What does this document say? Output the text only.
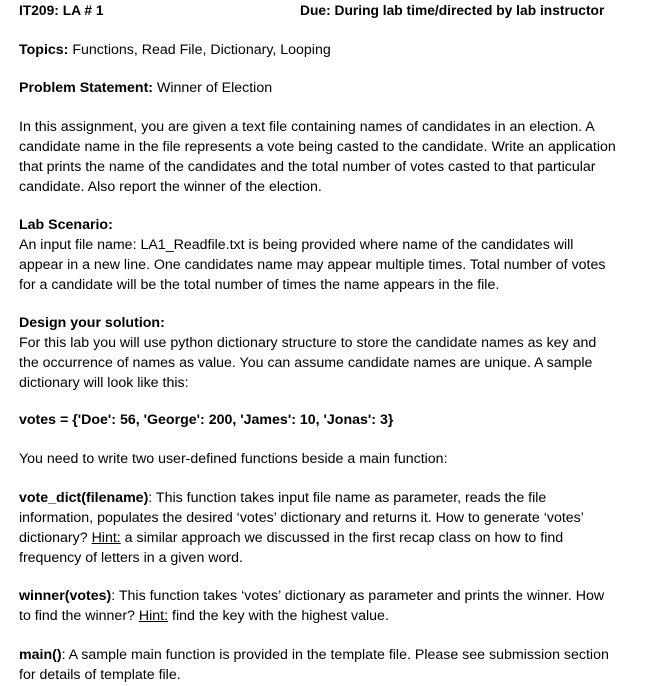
IT209: LA # 1	Due: During lab time/directed by lab instructor

Topics: Functions, Read File, Dictionary, Looping

Problem Statement: Winner of Election

In this assignment, you are given a text file containing names of candidates in an election. A

candidate name in the file represents a vote being casted to the candidate. Write an application

that prints the name of the candidates and the total number of votes casted to that particular

candidate. Also report the winner of the election.

Lab Scenario:

An input file name: LA1_Readfile.txt is being provided where name of the candidates will

appear in a new line. One candidates name may appear multiple times. Total number of votes

for a candidate will be the total number of times the name appears in the file.

Design your solution:

For this lab you will use python dictionary structure to store the candidate names as key and

the occurrence of names as value. You can assume candidate names are unique. A sample

dictionary will look like this:

votes = {'Doe': 56, 'George': 200, 'James': 10, 'Jonas': 3}

You need to write two user-defined functions beside a main function:

vote_dict(filename): This function takes input file name as parameter, reads the file

information, populates the desired ‘votes’ dictionary and returns it. How to generate ‘votes’

dictionary? Hint: a similar approach we discussed in the first recap class on how to find

frequency of letters in a given word.

winner(votes): This function takes ‘votes’ dictionary as parameter and prints the winner. How

to find the winner? Hint: find the key with the highest value.

main(): A sample main function is provided in the template file. Please see submission section

for details of template file.
